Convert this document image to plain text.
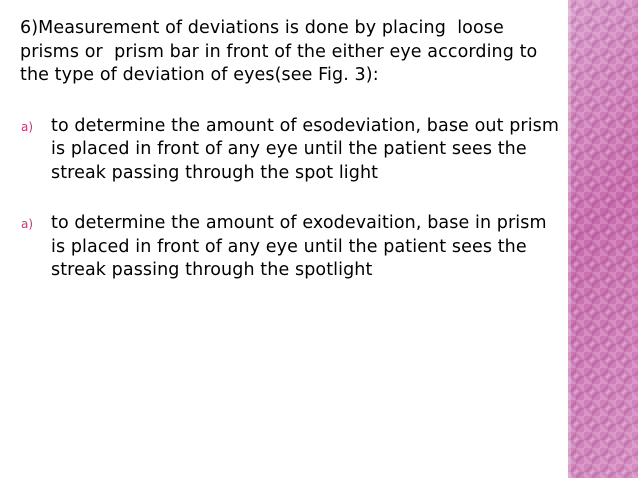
6)Measurement of deviations is done by placing  loose prisms or  prism bar in front of the either eye according to the type of deviation of eyes(see Fig. 3):

a) to determine the amount of esodeviation, base out prism is placed in front of any eye until the patient sees the streak passing through the spot light

a) to determine the amount of exodevaition, base in prism is placed in front of any eye until the patient sees the streak passing through the spotlight
